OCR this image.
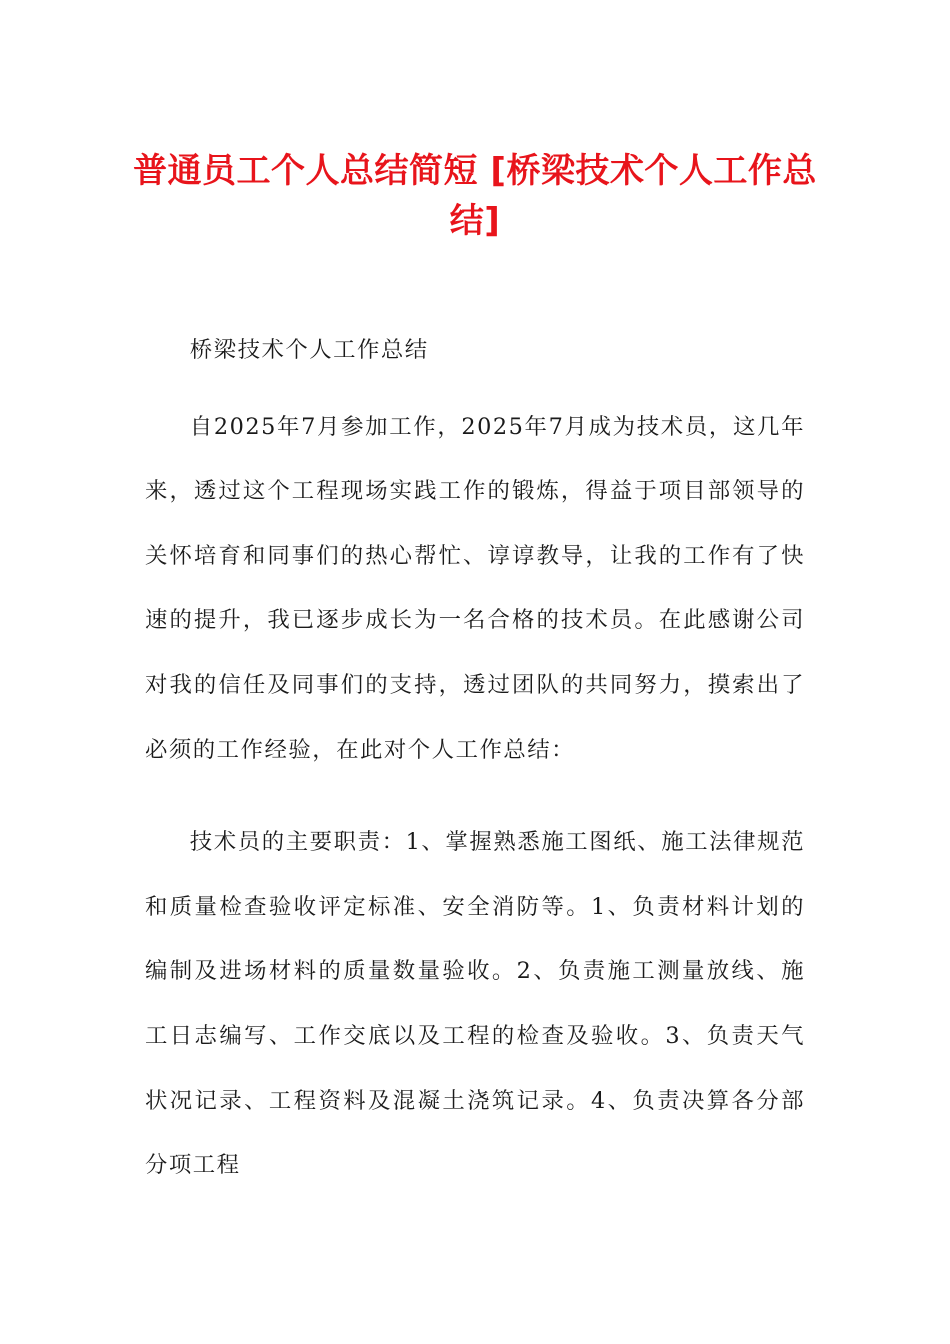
普通员工个人总结简短 [桥梁技术个人工作总结]

桥梁技术个人工作总结

自2025年7月参加工作，2025年7月成为技术员，这几年来，透过这个工程现场实践工作的锻炼，得益于项目部领导的关怀培育和同事们的热心帮忙、谆谆教导，让我的工作有了快速的提升，我已逐步成长为一名合格的技术员。在此感谢公司对我的信任及同事们的支持，透过团队的共同努力，摸索出了必须的工作经验，在此对个人工作总结：

技术员的主要职责：1、掌握熟悉施工图纸、施工法律规范和质量检查验收评定标准、安全消防等。1、负责材料计划的编制及进场材料的质量数量验收。2、负责施工测量放线、施工日志编写、工作交底以及工程的检查及验收。3、负责天气状况记录、工程资料及混凝土浇筑记录。4、负责决算各分部分项工程
